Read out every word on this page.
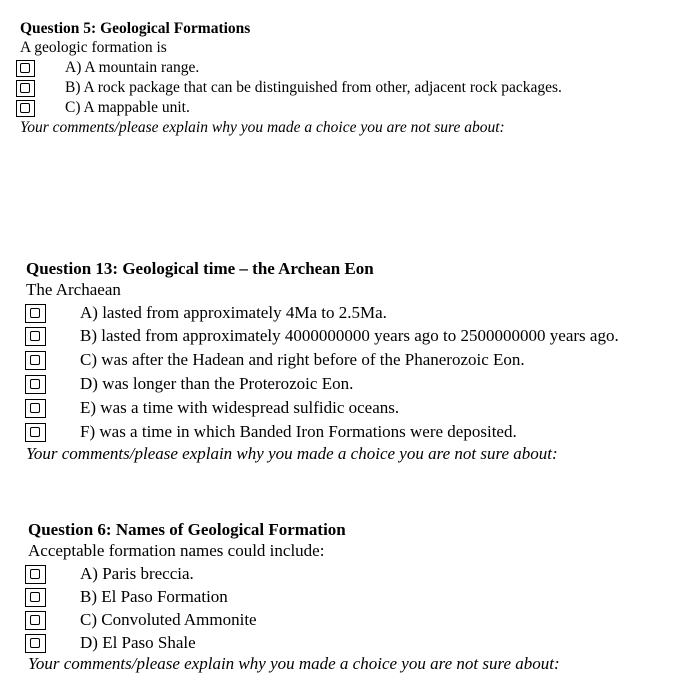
Question 5: Geological Formations
A geologic formation is
A) A mountain range.
B) A rock package that can be distinguished from other, adjacent rock packages.
C) A mappable unit.
Your comments/please explain why you made a choice you are not sure about:
Question 13: Geological time – the Archean Eon
The Archaean
A) lasted from approximately 4Ma to 2.5Ma.
B) lasted from approximately 4000000000 years ago to 2500000000 years ago.
C) was after the Hadean and right before of the Phanerozoic Eon.
D) was longer than the Proterozoic Eon.
E) was a time with widespread sulfidic oceans.
F) was a time in which Banded Iron Formations were deposited.
Your comments/please explain why you made a choice you are not sure about:
Question 6: Names of Geological Formation
Acceptable formation names could include:
A) Paris breccia.
B) El Paso Formation
C) Convoluted Ammonite
D) El Paso Shale
Your comments/please explain why you made a choice you are not sure about:
